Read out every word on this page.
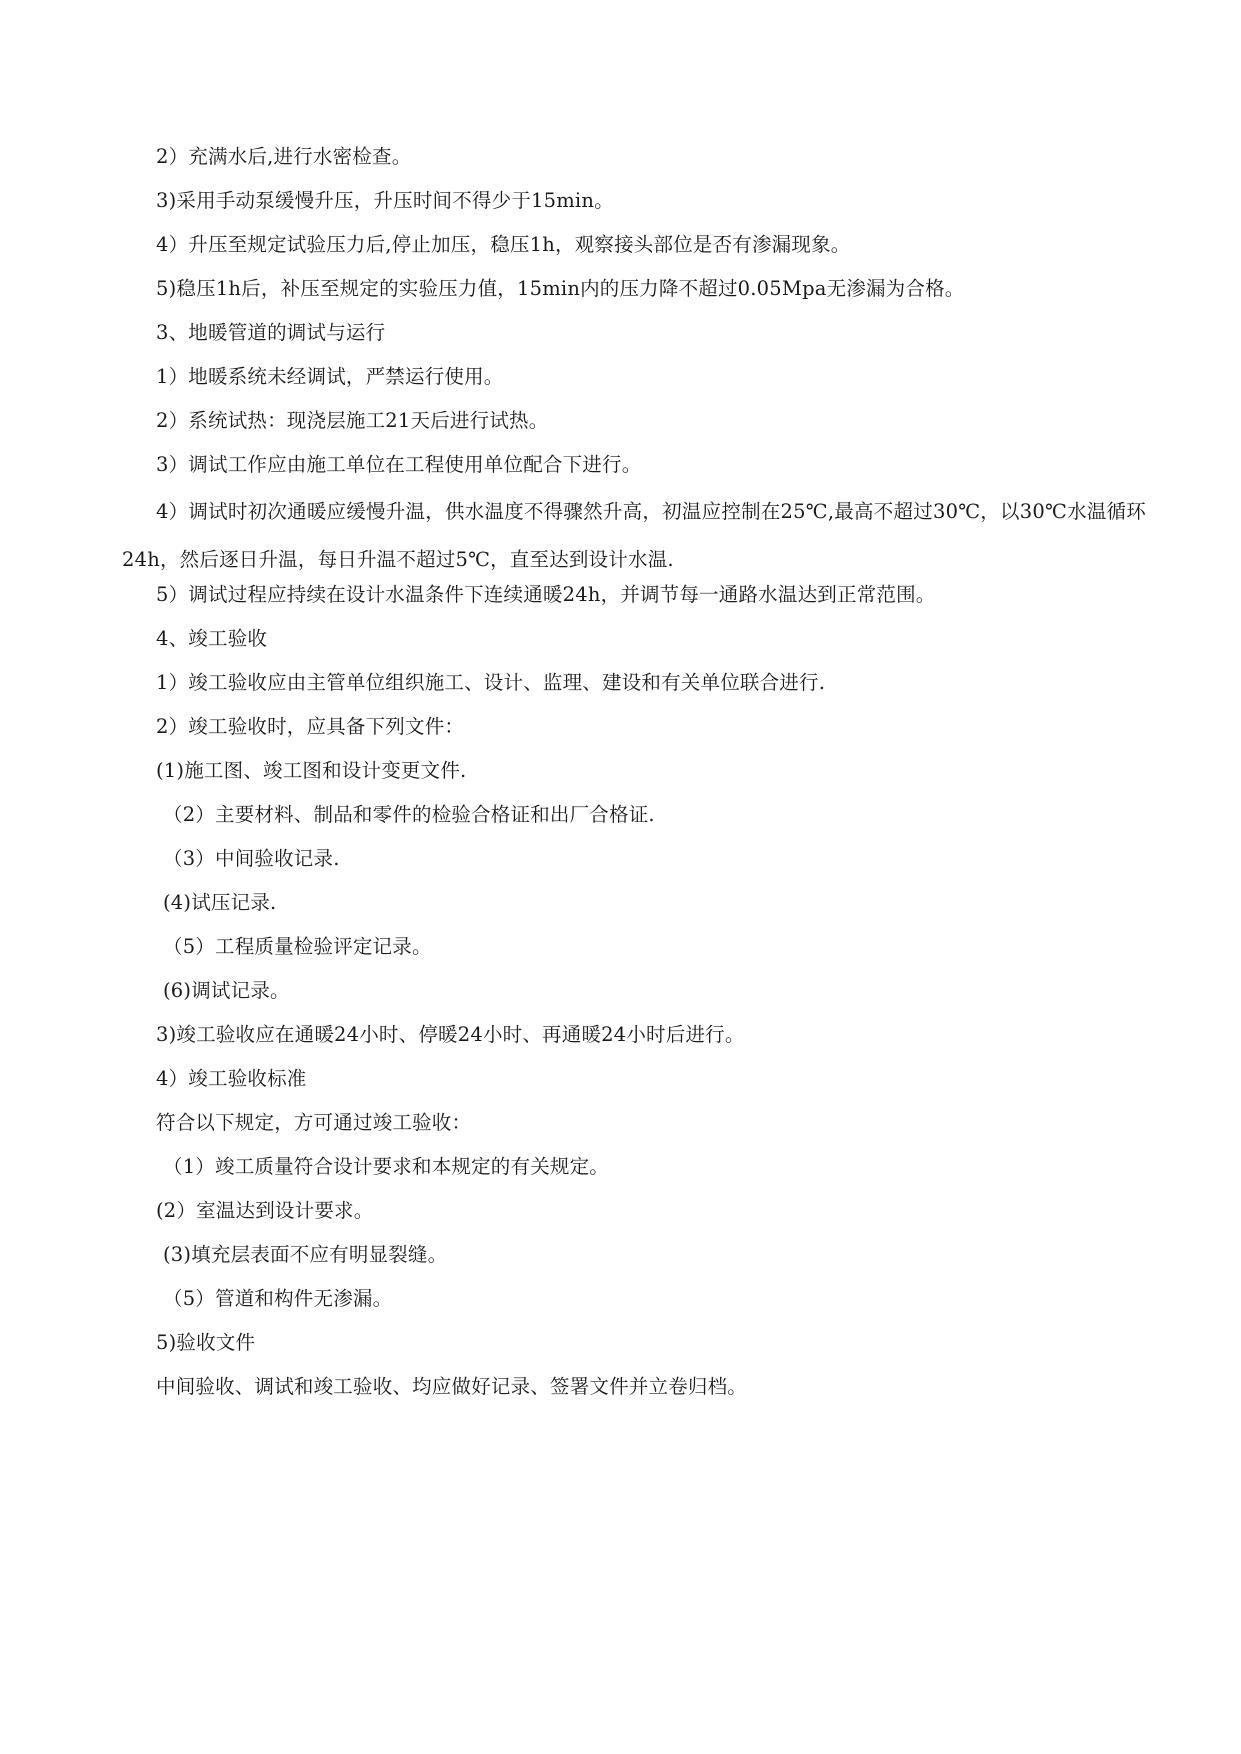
2）充满水后,进行水密检查。
3)采用手动泵缓慢升压，升压时间不得少于15min。
4）升压至规定试验压力后,停止加压，稳压1h，观察接头部位是否有渗漏现象。
5)稳压1h后，补压至规定的实验压力值，15min内的压力降不超过0.05Mpa无渗漏为合格。
3、地暖管道的调试与运行
1）地暖系统未经调试，严禁运行使用。
2）系统试热：现浇层施工21天后进行试热。
3）调试工作应由施工单位在工程使用单位配合下进行。
4）调试时初次通暖应缓慢升温，供水温度不得骤然升高，初温应控制在25℃,最高不超过30℃，以30℃水温循环24h，然后逐日升温，每日升温不超过5℃，直至达到设计水温.
5）调试过程应持续在设计水温条件下连续通暖24h，并调节每一通路水温达到正常范围。
4、竣工验收
1）竣工验收应由主管单位组织施工、设计、监理、建设和有关单位联合进行.
2）竣工验收时，应具备下列文件：
(1)施工图、竣工图和设计变更文件.
（2）主要材料、制品和零件的检验合格证和出厂合格证.
（3）中间验收记录.
(4)试压记录.
（5）工程质量检验评定记录。
(6)调试记录。
3)竣工验收应在通暖24小时、停暖24小时、再通暖24小时后进行。
4）竣工验收标准
符合以下规定，方可通过竣工验收：
（1）竣工质量符合设计要求和本规定的有关规定。
(2）室温达到设计要求。
(3)填充层表面不应有明显裂缝。
（5）管道和构件无渗漏。
5)验收文件
中间验收、调试和竣工验收、均应做好记录、签署文件并立卷归档。
